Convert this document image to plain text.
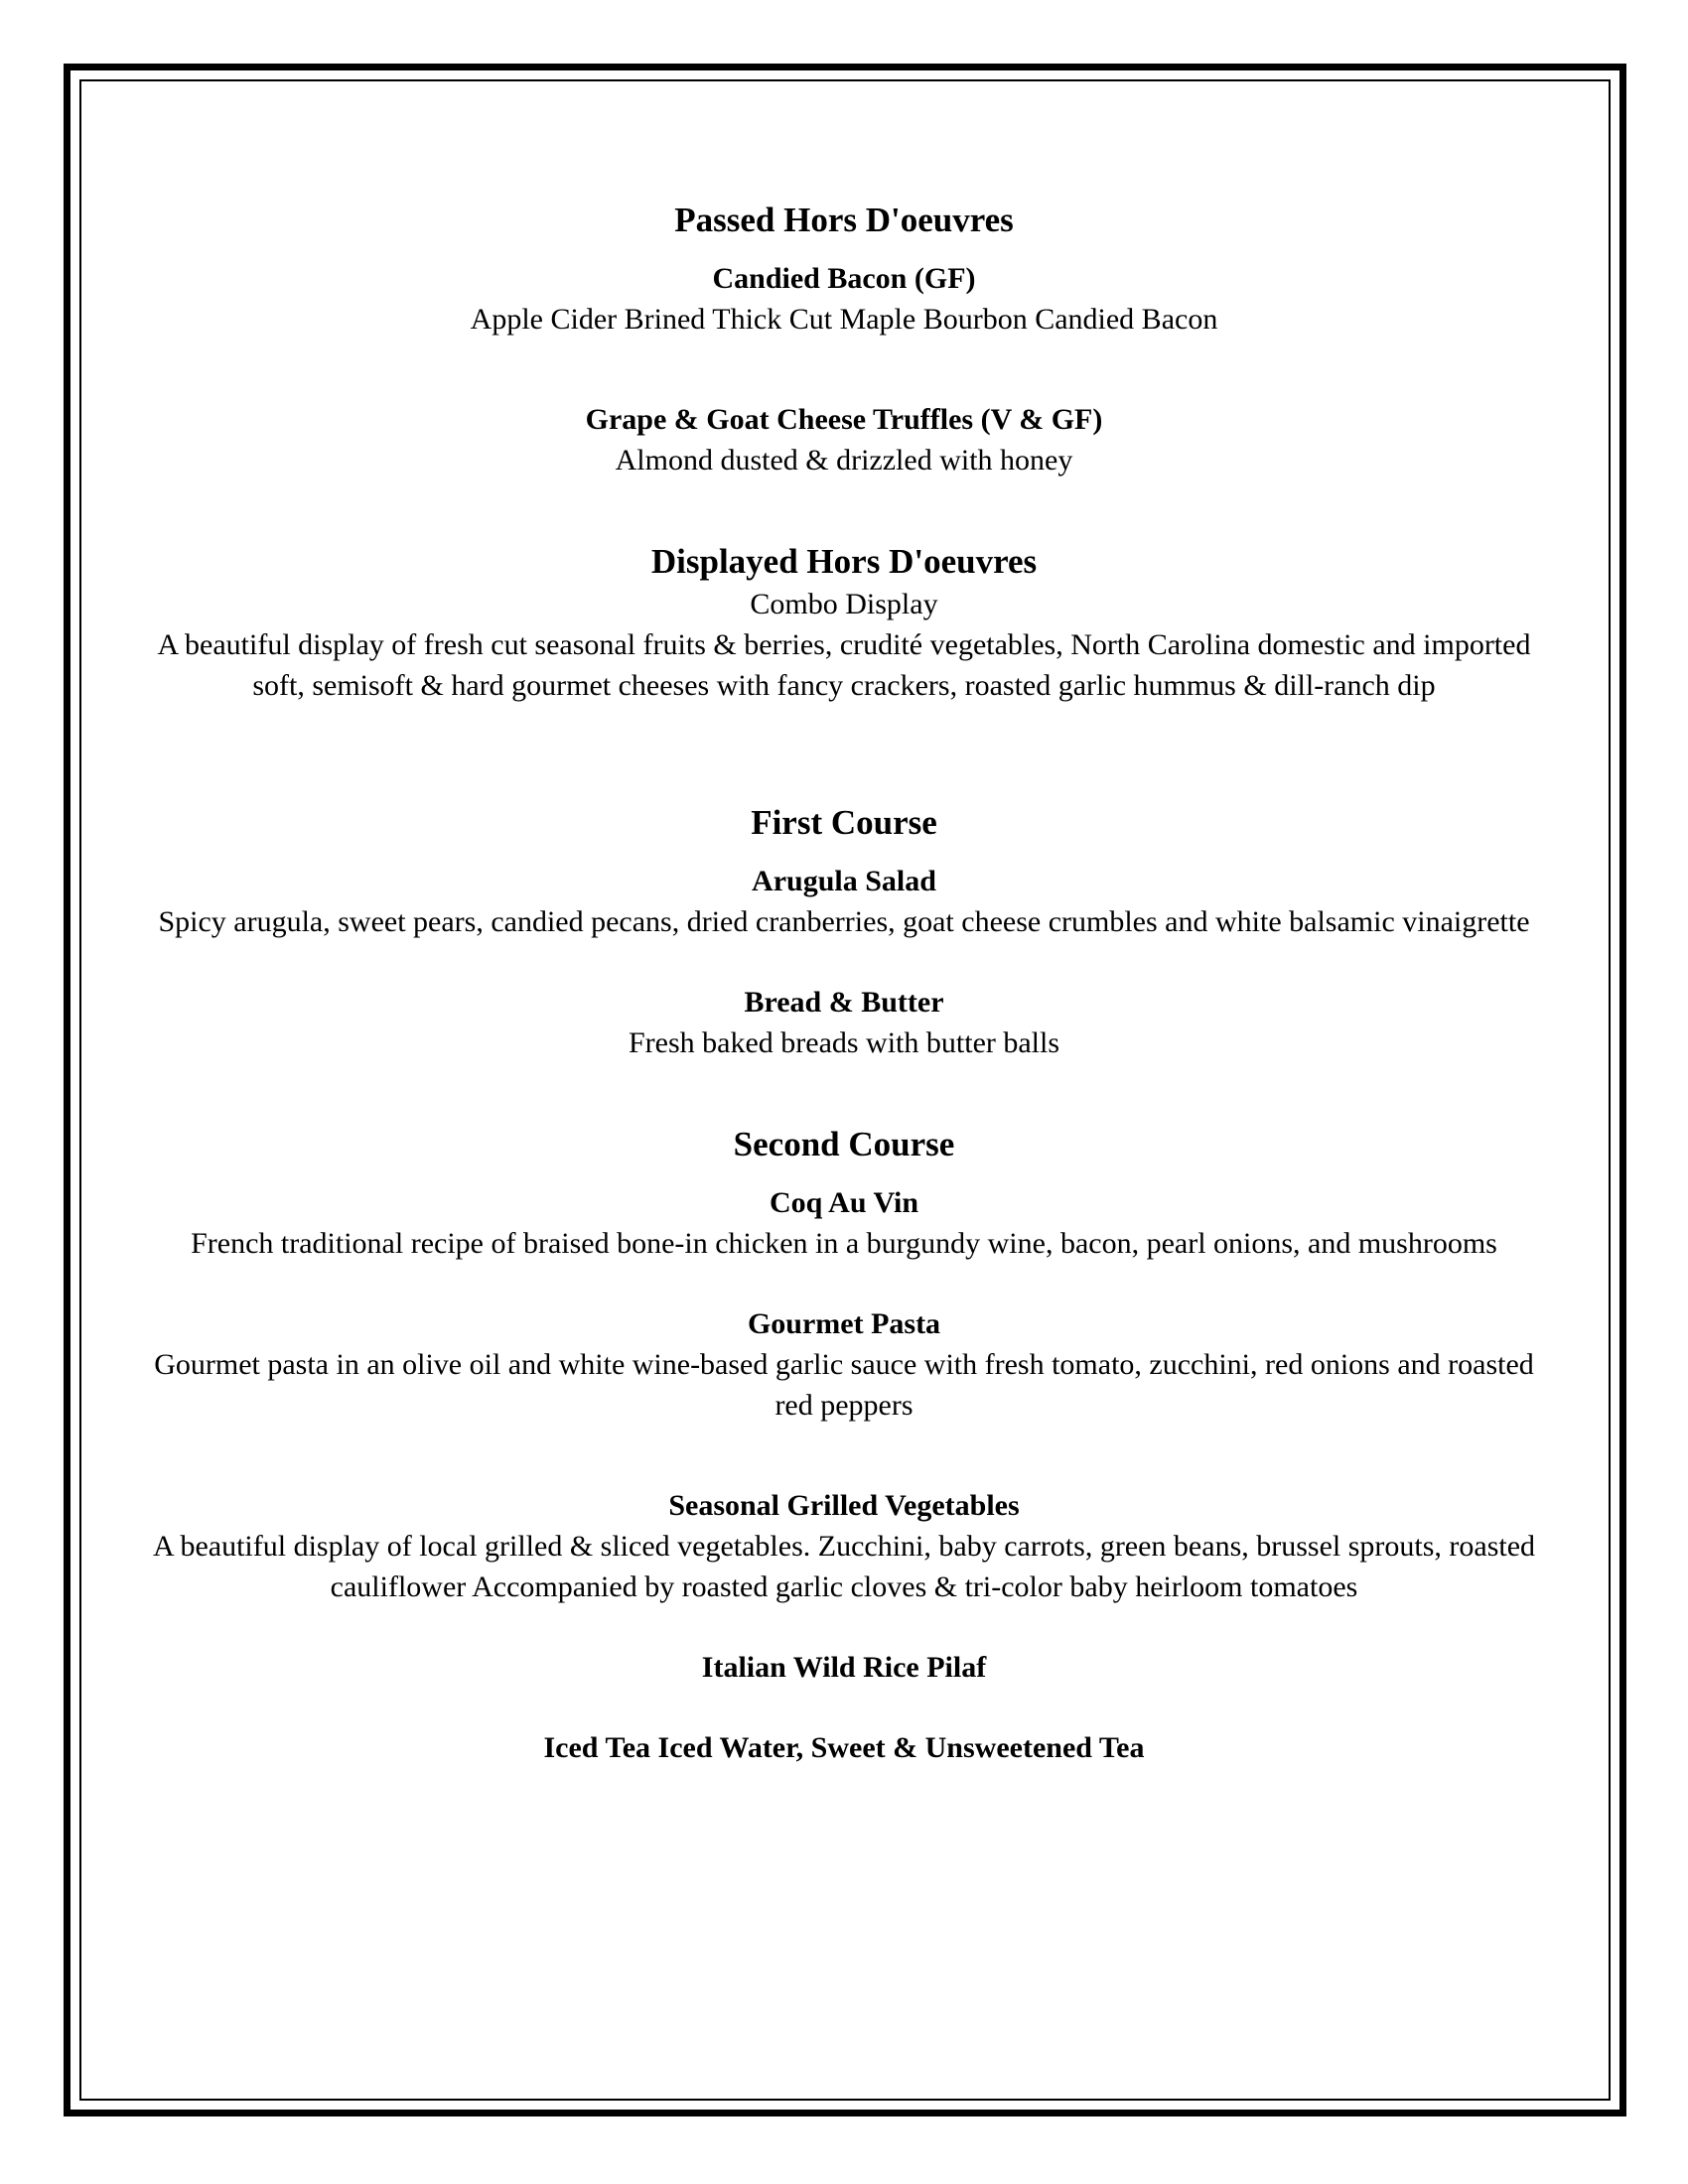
Passed Hors D'oeuvres

Candied Bacon (GF)

Apple Cider Brined Thick Cut Maple Bourbon Candied Bacon

Grape & Goat Cheese Truffles (V & GF)

Almond dusted & drizzled with honey

Displayed Hors D'oeuvres

Combo Display

A beautiful display of fresh cut seasonal fruits & berries, crudité vegetables, North Carolina domestic and imported soft, semisoft & hard gourmet cheeses with fancy crackers, roasted garlic hummus & dill-ranch dip

First Course

Arugula Salad

Spicy arugula, sweet pears, candied pecans, dried cranberries, goat cheese crumbles and white balsamic vinaigrette

Bread & Butter

Fresh baked breads with butter balls

Second Course

Coq Au Vin

French traditional recipe of braised bone-in chicken in a burgundy wine, bacon, pearl onions, and mushrooms

Gourmet Pasta

Gourmet pasta in an olive oil and white wine-based garlic sauce with fresh tomato, zucchini, red onions and roasted red peppers

Seasonal Grilled Vegetables

A beautiful display of local grilled & sliced vegetables. Zucchini, baby carrots, green beans, brussel sprouts, roasted cauliflower Accompanied by roasted garlic cloves & tri-color baby heirloom tomatoes

Italian Wild Rice Pilaf

Iced Tea Iced Water, Sweet & Unsweetened Tea
